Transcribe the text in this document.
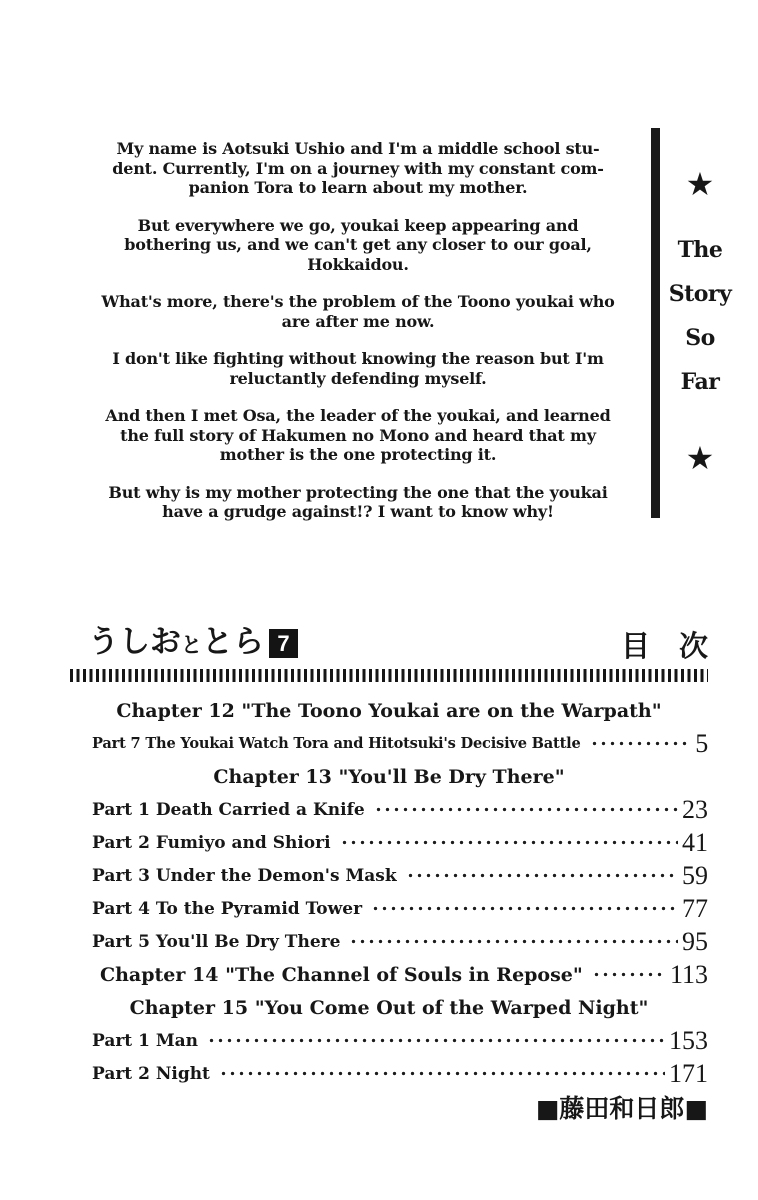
My name is Aotsuki Ushio and I'm a middle school stu-
dent. Currently, I'm on a journey with my constant com-
panion Tora to learn about my mother.

But everywhere we go, youkai keep appearing and
bothering us, and we can't get any closer to our goal,
Hokkaidou.

What's more, there's the problem of the Toono youkai who
are after me now.

I don't like fighting without knowing the reason but I'm
reluctantly defending myself.

And then I met Osa, the leader of the youkai, and learned
the full story of Hakumen no Mono and heard that my
mother is the one protecting it.

But why is my mother protecting the one that the youkai
have a grudge against!? I want to know why!

★
The
Story
So
Far
★
うしおととら 7	目　次
Chapter 12 "The Toono Youkai are on the Warpath"
Part 7 The Youkai Watch Tora and Hitotsuki's Decisive Battle	5
Chapter 13 "You'll Be Dry There"
Part 1 Death Carried a Knife	23
Part 2 Fumiyo and Shiori	41
Part 3 Under the Demon's Mask	59
Part 4 To the Pyramid Tower	77
Part 5 You'll Be Dry There	95
Chapter 14 "The Channel of Souls in Repose"	113
Chapter 15 "You Come Out of the Warped Night"
Part 1 Man	153
Part 2 Night	171
■藤田和日郎■
